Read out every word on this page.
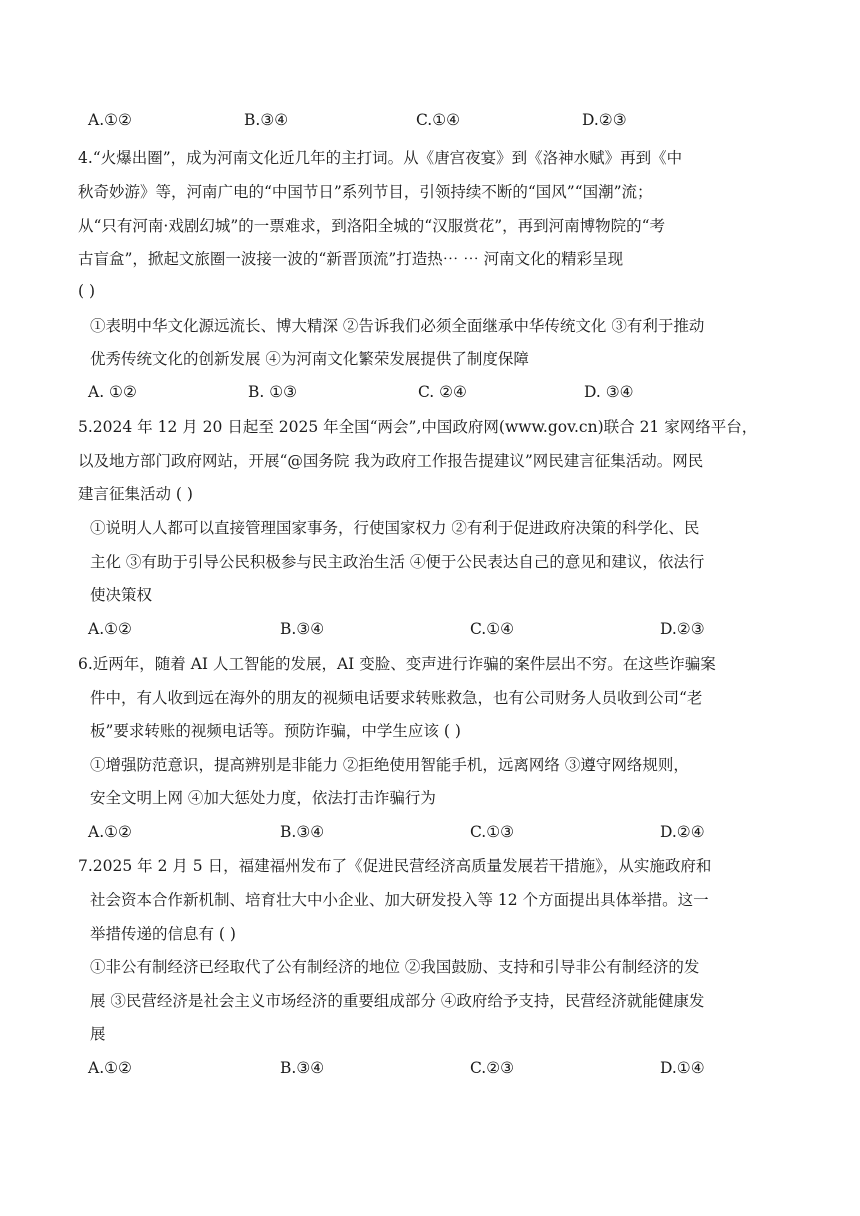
A.①②	B.③④	C.①④	D.②③
4.“火爆出圈”，成为河南文化近几年的主打词。从《唐宫夜宴》到《洛神水赋》再到《中
秋奇妙游》等，河南广电的“中国节日”系列节目，引领持续不断的“国风”“国潮”流；
从“只有河南·戏剧幻城”的一票难求，到洛阳全城的“汉服赏花”，再到河南博物院的“考
古盲盒”，掀起文旅圈一波接一波的“新晋顶流”打造热⋯ ⋯ 河南文化的精彩呈现
( )
①表明中华文化源远流长、博大精深 ②告诉我们必须全面继承中华传统文化 ③有利于推动
优秀传统文化的创新发展 ④为河南文化繁荣发展提供了制度保障
A. ①②	B. ①③	C. ②④	D. ③④
5.2024 年 12 月 20 日起至 2025 年全国“两会”,中国政府网(www.gov.cn)联合 21 家网络平台，
以及地方部门政府网站，开展“@国务院 我为政府工作报告提建议”网民建言征集活动。网民
建言征集活动 ( )
①说明人人都可以直接管理国家事务，行使国家权力 ②有利于促进政府决策的科学化、民
主化 ③有助于引导公民积极参与民主政治生活 ④便于公民表达自己的意见和建议，依法行
使决策权
A.①②	B.③④	C.①④	D.②③
6.近两年，随着 AI 人工智能的发展，AI 变脸、变声进行诈骗的案件层出不穷。在这些诈骗案
件中，有人收到远在海外的朋友的视频电话要求转账救急，也有公司财务人员收到公司“老
板”要求转账的视频电话等。预防诈骗，中学生应该 ( )
①增强防范意识，提高辨别是非能力 ②拒绝使用智能手机，远离网络 ③遵守网络规则，
安全文明上网 ④加大惩处力度，依法打击诈骗行为
A.①②	B.③④	C.①③	D.②④
7.2025 年 2 月 5 日，福建福州发布了《促进民营经济高质量发展若干措施》，从实施政府和
社会资本合作新机制、培育壮大中小企业、加大研发投入等 12 个方面提出具体举措。这一
举措传递的信息有 ( )
①非公有制经济已经取代了公有制经济的地位 ②我国鼓励、支持和引导非公有制经济的发
展 ③民营经济是社会主义市场经济的重要组成部分 ④政府给予支持，民营经济就能健康发
展
A.①②	B.③④	C.②③	D.①④
